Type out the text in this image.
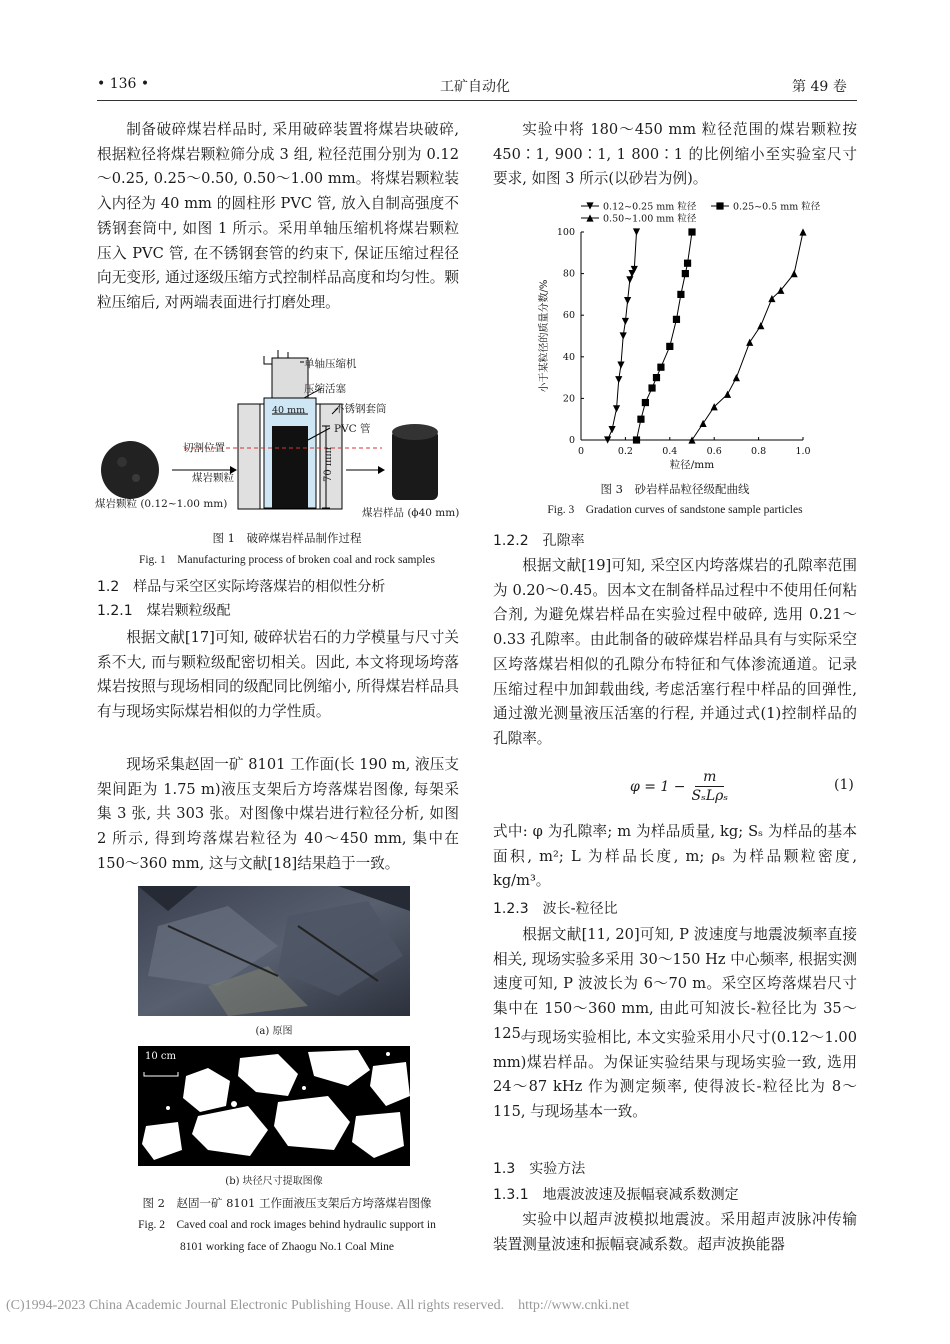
• 136 •	工矿自动化	第 49 卷

制备破碎煤岩样品时, 采用破碎装置将煤岩块破碎, 根据粒径将煤岩颗粒筛分成 3 组, 粒径范围分别为 0.12～0.25, 0.25～0.50, 0.50～1.00 mm。将煤岩颗粒装入内径为 40 mm 的圆柱形 PVC 管, 放入自制高强度不锈钢套筒中, 如图 1 所示。采用单轴压缩机将煤岩颗粒压入 PVC 管, 在不锈钢套管的约束下, 保证压缩过程径向无变形, 通过逐级压缩方式控制样品高度和均匀性。颗粒压缩后, 对两端表面进行打磨处理。

单轴压缩机
压缩活塞
不锈钢套筒
PVC 管
40 mm
切割位置
煤岩颗粒	70 mm
煤岩颗粒 (0.12~1.00 mm)
煤岩样品 (ϕ40 mm)
图 1　破碎煤岩样品制作过程
Fig. 1　Manufacturing process of broken coal and rock samples
1.2　样品与采空区实际垮落煤岩的相似性分析
1.2.1　煤岩颗粒级配

根据文献[17]可知, 破碎状岩石的力学模量与尺寸关系不大, 而与颗粒级配密切相关。因此, 本文将现场垮落煤岩按照与现场相同的级配同比例缩小, 所得煤岩样品具有与现场实际煤岩相似的力学性质。

现场采集赵固一矿 8101 工作面(长 190 m, 液压支架间距为 1.75 m)液压支架后方垮落煤岩图像, 每架采集 3 张, 共 303 张。对图像中煤岩进行粒径分析, 如图 2 所示, 得到垮落煤岩粒径为 40～450 mm, 集中在 150～360 mm, 这与文献[18]结果趋于一致。

(a) 原图
10 cm
(b) 块径尺寸提取图像
图 2　赵固一矿 8101 工作面液压支架后方垮落煤岩图像
Fig. 2　Caved coal and rock images behind hydraulic support in
8101 working face of Zhaogu No.1 Coal Mine

实验中将 180～450 mm 粒径范围的煤岩颗粒按 450∶1, 900∶1, 1 800∶1 的比例缩小至实验室尺寸要求, 如图 3 所示(以砂岩为例)。

0	0.2	0.4	0.6	0.8	1.0
0
20
40
60
80
100
粒径/mm
小于某粒径的质量分数/%
0.12~0.25 mm 粒径	0.25~0.5 mm 粒径
0.50~1.00 mm 粒径
图 3　砂岩样品粒径级配曲线
Fig. 3　Gradation curves of sandstone sample particles
1.2.2　孔隙率

根据文献[19]可知, 采空区内垮落煤岩的孔隙率范围为 0.20～0.45。因本文在制备样品过程中不使用任何粘合剂, 为避免煤岩样品在实验过程中破碎, 选用 0.21～0.33 孔隙率。由此制备的破碎煤岩样品具有与实际采空区垮落煤岩相似的孔隙分布特征和气体渗流通道。记录压缩过程中加卸载曲线, 考虑活塞行程中样品的回弹性, 通过激光测量液压活塞的行程, 并通过式(1)控制样品的孔隙率。

φ = 1 −
m
SₛLρₛ
(1)

式中: φ 为孔隙率; m 为样品质量, kg; Sₛ 为样品的基本面积, m²; L 为样品长度, m; ρₛ 为样品颗粒密度, kg/m³。

1.2.3　波长-粒径比

根据文献[11, 20]可知, P 波速度与地震波频率直接相关, 现场实验多采用 30～150 Hz 中心频率, 根据实测速度可知, P 波波长为 6～70 m。采空区垮落煤岩尺寸集中在 150～360 mm, 由此可知波长-粒径比为 35～125。

与现场实验相比, 本文实验采用小尺寸(0.12～1.00 mm)煤岩样品。为保证实验结果与现场实验一致, 选用 24～87 kHz 作为测定频率, 使得波长-粒径比为 8～115, 与现场基本一致。

1.3　实验方法
1.3.1　地震波波速及振幅衰减系数测定

实验中以超声波模拟地震波。采用超声波脉冲传输装置测量波速和振幅衰减系数。超声波换能器

(C)1994-2023 China Academic Journal Electronic Publishing House. All rights reserved.    http://www.cnki.net
